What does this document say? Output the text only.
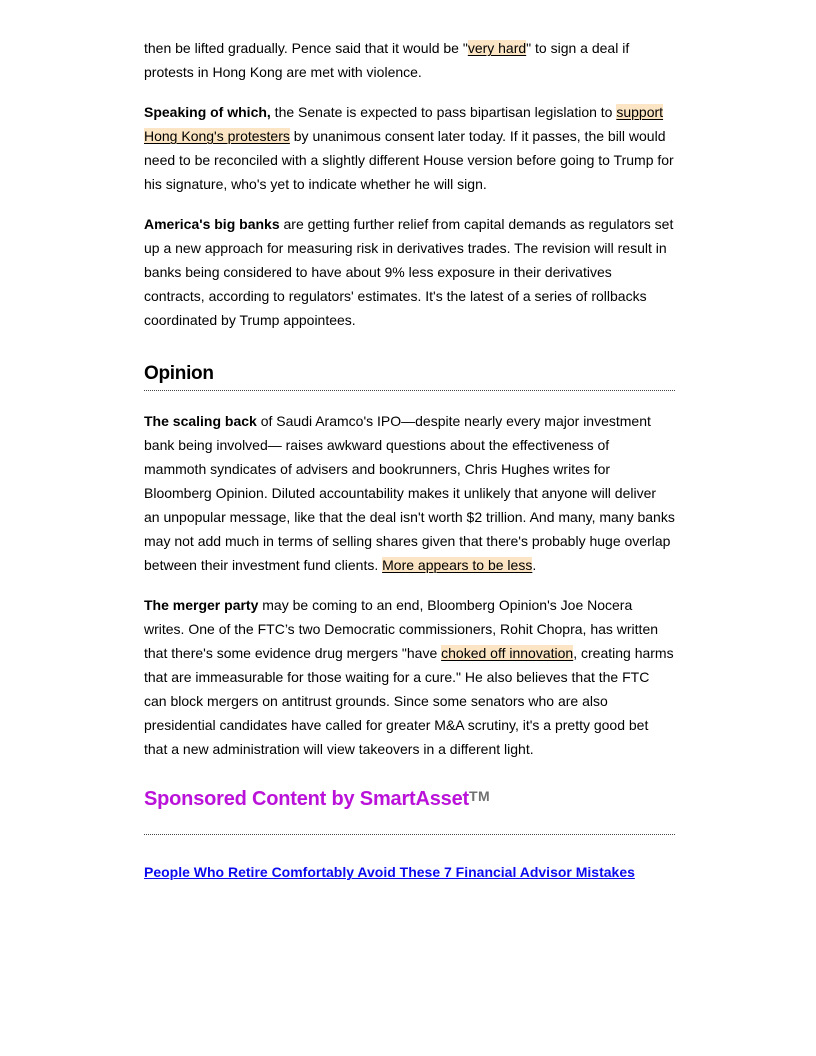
then be lifted gradually. Pence said that it would be "very hard" to sign a deal if protests in Hong Kong are met with violence.

Speaking of which, the Senate is expected to pass bipartisan legislation to support Hong Kong's protesters by unanimous consent later today. If it passes, the bill would need to be reconciled with a slightly different House version before going to Trump for his signature, who's yet to indicate whether he will sign.

America's big banks are getting further relief from capital demands as regulators set up a new approach for measuring risk in derivatives trades. The revision will result in banks being considered to have about 9% less exposure in their derivatives contracts, according to regulators' estimates. It's the latest of a series of rollbacks coordinated by Trump appointees.

Opinion

The scaling back of Saudi Aramco's IPO—despite nearly every major investment bank being involved— raises awkward questions about the effectiveness of mammoth syndicates of advisers and bookrunners, Chris Hughes writes for Bloomberg Opinion. Diluted accountability makes it unlikely that anyone will deliver an unpopular message, like that the deal isn't worth $2 trillion. And many, many banks may not add much in terms of selling shares given that there's probably huge overlap between their investment fund clients. More appears to be less.

The merger party may be coming to an end, Bloomberg Opinion's Joe Nocera writes. One of the FTC’s two Democratic commissioners, Rohit Chopra, has written that there's some evidence drug mergers "have choked off innovation, creating harms that are immeasurable for those waiting for a cure." He also believes that the FTC can block mergers on antitrust grounds. Since some senators who are also presidential candidates have called for greater M&A scrutiny, it's a pretty good bet that a new administration will view takeovers in a different light.

Sponsored Content by SmartAsset™

People Who Retire Comfortably Avoid These 7 Financial Advisor Mistakes
